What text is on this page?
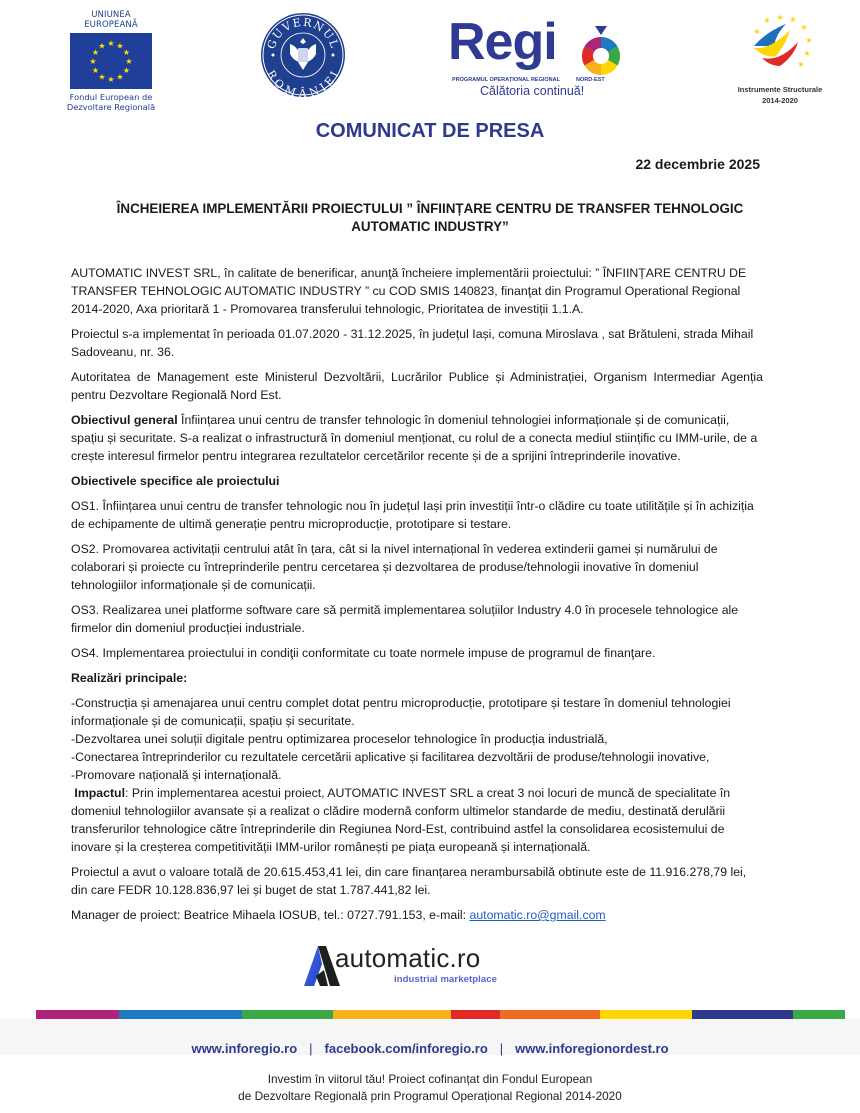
UNIUNEA EUROPEANĂ
★ ★
★
★
★
★
★
★
★
★
★
★
Fondul European de
Dezvoltare Regională
GUVERNUL
ROMÂNIEI
Regi
PROGRAMUL OPERAȚIONAL REGIONAL	NORD-EST
Călătoria continuă!
★ ★
★
★
★
★
★
★
Instrumente Structurale
2014-2020
COMUNICAT DE PRESA
22 decembrie 2025
ÎNCHEIEREA IMPLEMENTĂRII PROIECTULUI ” ÎNFIINȚARE CENTRU DE TRANSFER TEHNOLOGIC
AUTOMATIC INDUSTRY”

AUTOMATIC INVEST SRL, în calitate de benerificar, anunţă încheiere implementării proiectului: ” ÎNFIINȚARE CENTRU DE TRANSFER TEHNOLOGIC AUTOMATIC INDUSTRY ” cu COD SMIS 140823, finanţat din Programul Operational Regional 2014-2020, Axa prioritară 1 - Promovarea transferului tehnologic, Prioritatea de investiții 1.1.A.

Proiectul s-a implementat în perioada 01.07.2020 - 31.12.2025, în județul Iași, comuna Miroslava , sat Brătuleni, strada Mihail Sadoveanu, nr. 36.

Autoritatea de Management este Ministerul Dezvoltării, Lucrărilor Publice și Administrației, Organism Intermediar Agenția pentru Dezvoltare Regională Nord Est.

Obiectivul general Înființarea unui centru de transfer tehnologic în domeniul tehnologiei informaționale și de comunicații, spațiu și securitate. S-a realizat o infrastructură în domeniul menționat, cu rolul de a conecta mediul stiințific cu IMM-urile, de a crește interesul firmelor pentru integrarea rezultatelor cercetărilor recente și de a sprijini întreprinderile inovative.

Obiectivele specifice ale proiectului

OS1. Înființarea unui centru de transfer tehnologic nou în județul Iași prin investiții într-o clădire cu toate utilitățile și în achiziția de echipamente de ultimă generație pentru microproducție, prototipare si testare.

OS2. Promovarea activitații centrului atât în țara, cât si la nivel internațional în vederea extinderii gamei și numărului de colaborari și proiecte cu întreprinderile pentru cercetarea și dezvoltarea de produse/tehnologii inovative în domeniul tehnologiilor informaționale și de comunicații.

OS3. Realizarea unei platforme software care să permită implementarea soluțiilor Industry 4.0 în procesele tehnologice ale firmelor din domeniul producției industriale.

OS4. Implementarea proiectului in condiţii conformitate cu toate normele impuse de programul de finanţare.

Realizări principale:

-Construcția și amenajarea unui centru complet dotat pentru microproducție, prototipare și testare în domeniul tehnologiei informaționale și de comunicații, spațiu și securitate.

-Dezvoltarea unei soluții digitale pentru optimizarea proceselor tehnologice în producția industrială,

-Conectarea întreprinderilor cu rezultatele cercetării aplicative și facilitarea dezvoltării de produse/tehnologii inovative,

-Promovare națională și internațională.

Impactul: Prin implementarea acestui proiect, AUTOMATIC INVEST SRL a creat 3 noi locuri de muncă de specialitate în domeniul tehnologiilor avansate și a realizat o clădire modernă conform ultimelor standarde de mediu, destinată derulării transferurilor tehnologice către întreprinderile din Regiunea Nord-Est, contribuind astfel la consolidarea ecosistemului de inovare și la creșterea competitivității IMM-urilor românești pe piața europeană și internațională.

Proiectul a avut o valoare totală de 20.615.453,41 lei, din care finanțarea nerambursabilă obtinute este de 11.916.278,79 lei, din care FEDR 10.128.836,97 lei și buget de stat 1.787.441,82 lei.

Manager de proiect: Beatrice Mihaela IOSUB, tel.: 0727.791.153, e-mail: automatic.ro@gmail.com

automatic.ro
industrial marketplace
www.inforegio.ro | facebook.com/inforegio.ro | www.inforegionordest.ro
Investim în viitorul tău! Proiect cofinanțat din Fondul European
de Dezvoltare Regională prin Programul Operațional Regional 2014-2020
